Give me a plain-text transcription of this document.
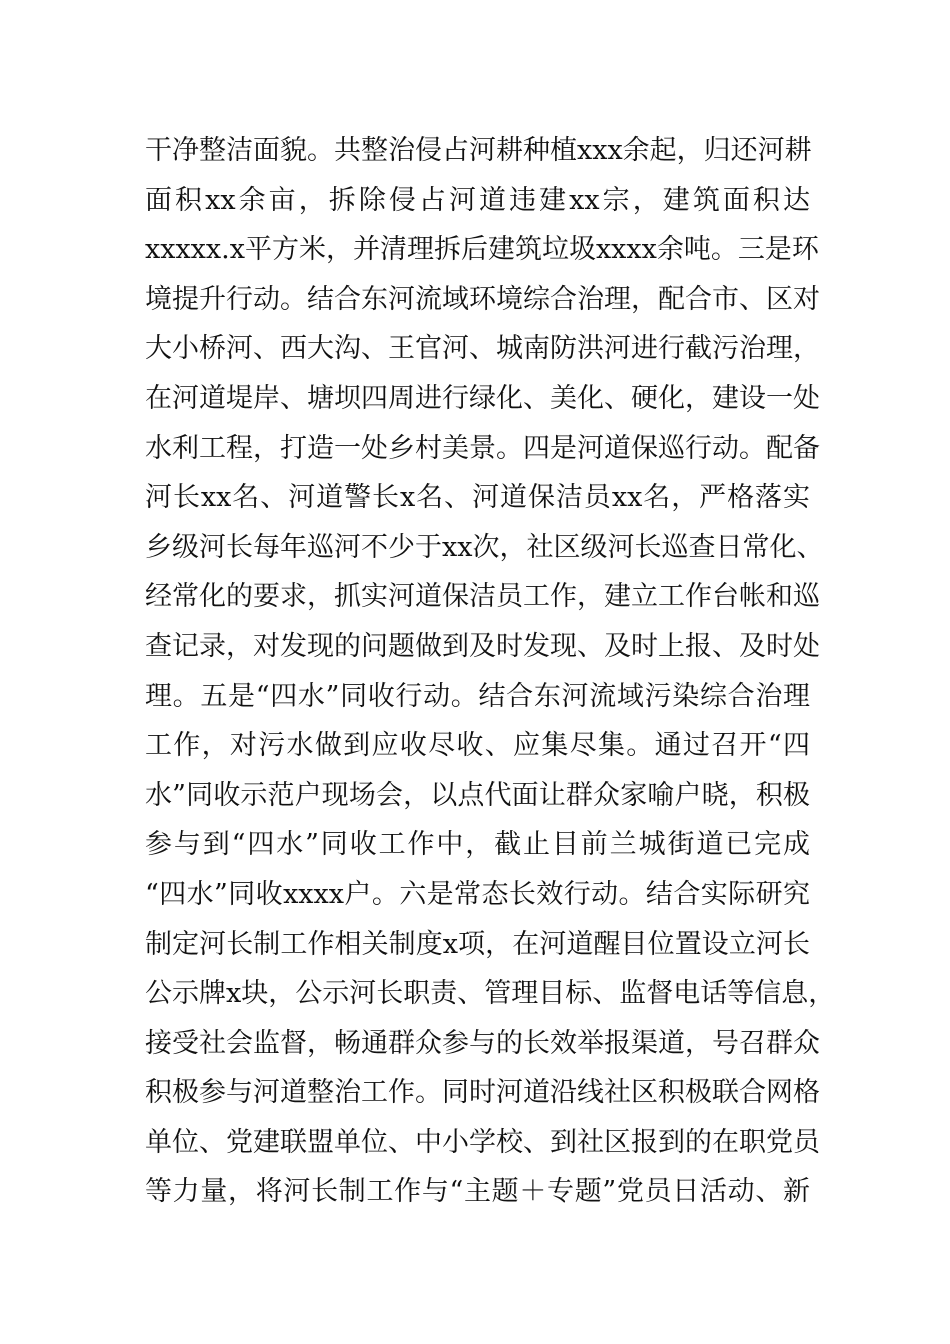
干净整洁面貌。共整治侵占河耕种植xxx余起，归还河耕
面积xx余亩，拆除侵占河道违建xx宗，建筑面积达
xxxxx.x平方米，并清理拆后建筑垃圾xxxx余吨。三是环
境提升行动。结合东河流域环境综合治理，配合市、区对
大小桥河、西大沟、王官河、城南防洪河进行截污治理，
在河道堤岸、塘坝四周进行绿化、美化、硬化，建设一处
水利工程，打造一处乡村美景。四是河道保巡行动。配备
河长xx名、河道警长x名、河道保洁员xx名，严格落实
乡级河长每年巡河不少于xx次，社区级河长巡查日常化、
经常化的要求，抓实河道保洁员工作，建立工作台帐和巡
查记录，对发现的问题做到及时发现、及时上报、及时处
理。五是“四水”同收行动。结合东河流域污染综合治理
工作，对污水做到应收尽收、应集尽集。通过召开“四
水”同收示范户现场会，以点代面让群众家喻户晓，积极
参与到“四水”同收工作中，截止目前兰城街道已完成
“四水”同收xxxx户。六是常态长效行动。结合实际研究
制定河长制工作相关制度x项，在河道醒目位置设立河长
公示牌x块，公示河长职责、管理目标、监督电话等信息，
接受社会监督，畅通群众参与的长效举报渠道，号召群众
积极参与河道整治工作。同时河道沿线社区积极联合网格
单位、党建联盟单位、中小学校、到社区报到的在职党员
等力量，将河长制工作与“主题＋专题”党员日活动、新
